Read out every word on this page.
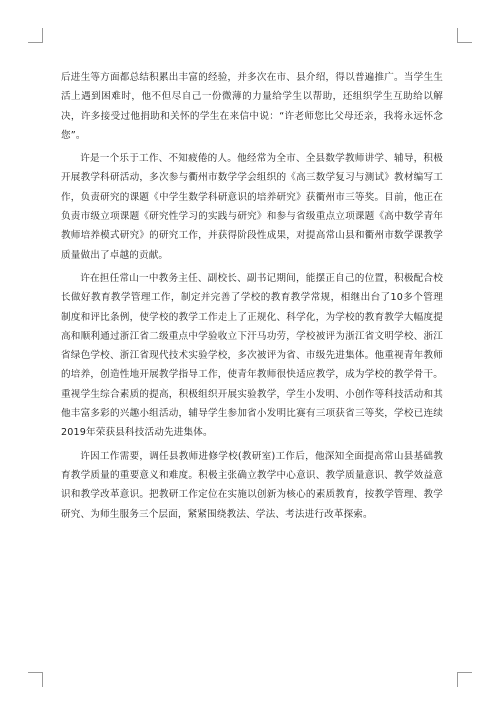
后进生等方面都总结积累出丰富的经验，并多次在市、县介绍，得以普遍推广。当学生生活上遇到困难时，他不但尽自己一份微薄的力量给学生以帮助，还组织学生互助给以解决，许多接受过他捐助和关怀的学生在来信中说：“许老师您比父母还亲，我将永远怀念您”。

许是一个乐于工作、不知疲倦的人。他经常为全市、全县数学教师讲学、辅导，积极开展教学科研活动，多次参与衢州市数学学会组织的《高三数学复习与测试》教材编写工作，负责研究的课题《中学生数学科研意识的培养研究》获衢州市三等奖。目前，他正在负责市级立项课题《研究性学习的实践与研究》和参与省级重点立项课题《高中数学青年教师培养模式研究》的研究工作，并获得阶段性成果，对提高常山县和衢州市数学课教学质量做出了卓越的贡献。

许在担任常山一中教务主任、副校长、副书记期间，能摆正自己的位置，积极配合校长做好教育教学管理工作，制定并完善了学校的教育教学常规，相继出台了10多个管理制度和评比条例，使学校的教学工作走上了正规化、科学化，为学校的教育教学大幅度提高和顺利通过浙江省二级重点中学验收立下汗马功劳，学校被评为浙江省文明学校、浙江省绿色学校、浙江省现代技术实验学校，多次被评为省、市级先进集体。他重视青年教师的培养，创造性地开展教学指导工作，使青年教师很快适应教学，成为学校的教学骨干。重视学生综合素质的提高，积极组织开展实验教学，学生小发明、小创作等科技活动和其他丰富多彩的兴趣小组活动，辅导学生参加省小发明比赛有三项获省三等奖，学校已连续2019年荣获县科技活动先进集体。

许因工作需要，调任县教师进修学校(教研室)工作后，他深知全面提高常山县基础教育教学质量的重要意义和难度。积极主张确立教学中心意识、教学质量意识、教学效益意识和教学改革意识。把教研工作定位在实施以创新为核心的素质教育，按教学管理、教学研究、为师生服务三个层面，紧紧围绕教法、学法、考法进行改革探索。
